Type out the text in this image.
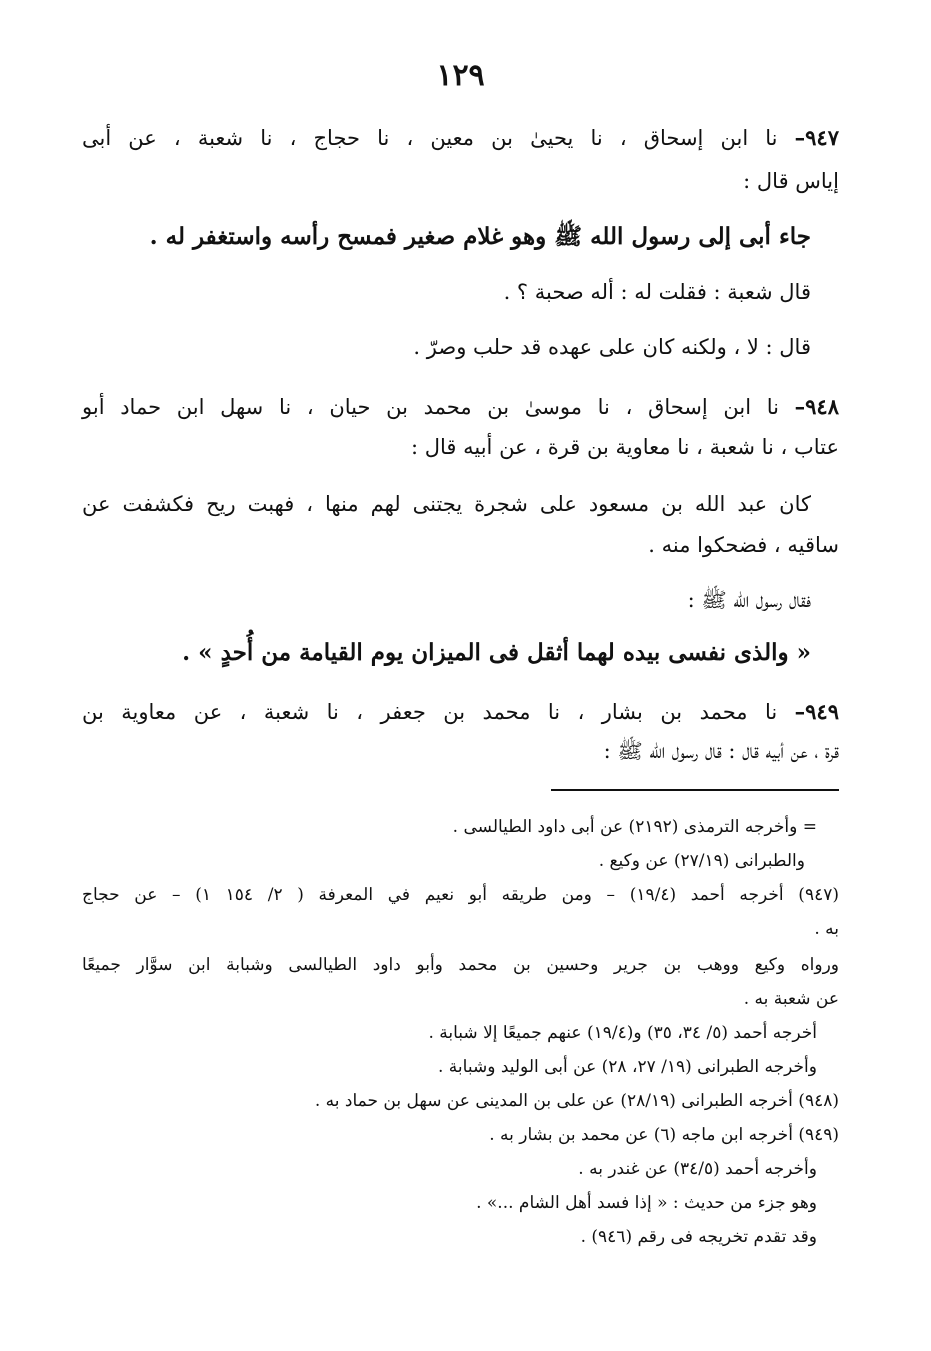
١٢٩
٩٤٧– نا ابن إسحاق ، نا يحيىٰ بن معين ، نا حجاج ، نا شعبة ، عن أبى
إياس قال :
جاء أبى إلى رسول الله ﷺ وهو غلام صغير فمسح رأسه واستغفر له .
قال شعبة : فقلت له : أله صحبة ؟ .
قال : لا ، ولكنه كان على عهده قد حلب وصرّ .
٩٤٨– نا ابن إسحاق ، نا موسىٰ بن محمد بن حيان ، نا سهل ابن حماد أبو
عتاب ، نا شعبة ، نا معاوية بن قرة ، عن أبيه قال :
كان عبد الله بن مسعود على شجرة يجتنى لهم منها ، فهبت ريح فكشفت عن
ساقيه ، فضحكوا منه .
فقال رسول الله ﷺ :
« والذى نفسى بيده لهما أثقل فى الميزان يوم القيامة من أُحدٍ » .
٩٤٩– نا محمد بن بشار ، نا محمد بن جعفر ، نا شعبة ، عن معاوية بن
قرة ، عن أبيه قال : قال رسول الله ﷺ :
= وأخرجه الترمذى (٢١٩٢) عن أبى داود الطيالسى .
والطبرانى (٢٧/١٩) عن وكيع .
(٩٤٧) أخرجه أحمد (١٩/٤) – ومن طريقه أبو نعيم في المعرفة ( ٢/ ١٥٤ ١) – عن حجاج
به .
ورواه وكيع ووهب بن جرير وحسين بن محمد وأبو داود الطيالسى وشبابة ابن سوَّار جميعًا
عن شعبة به .
أخرجه أحمد (٥/ ٣٤، ٣٥) و(١٩/٤) عنهم جميعًا إلا شبابة .
وأخرجه الطبرانى (١٩/ ٢٧، ٢٨) عن أبى الوليد وشبابة .
(٩٤٨) أخرجه الطبرانى (٢٨/١٩) عن على بن المدينى عن سهل بن حماد به .
(٩٤٩) أخرجه ابن ماجه (٦) عن محمد بن بشار به .
وأخرجه أحمد (٣٤/٥) عن غندر به .
وهو جزء من حديث : « إذا فسد أهل الشام ...» .
وقد تقدم تخريجه فى رقم (٩٤٦) .
